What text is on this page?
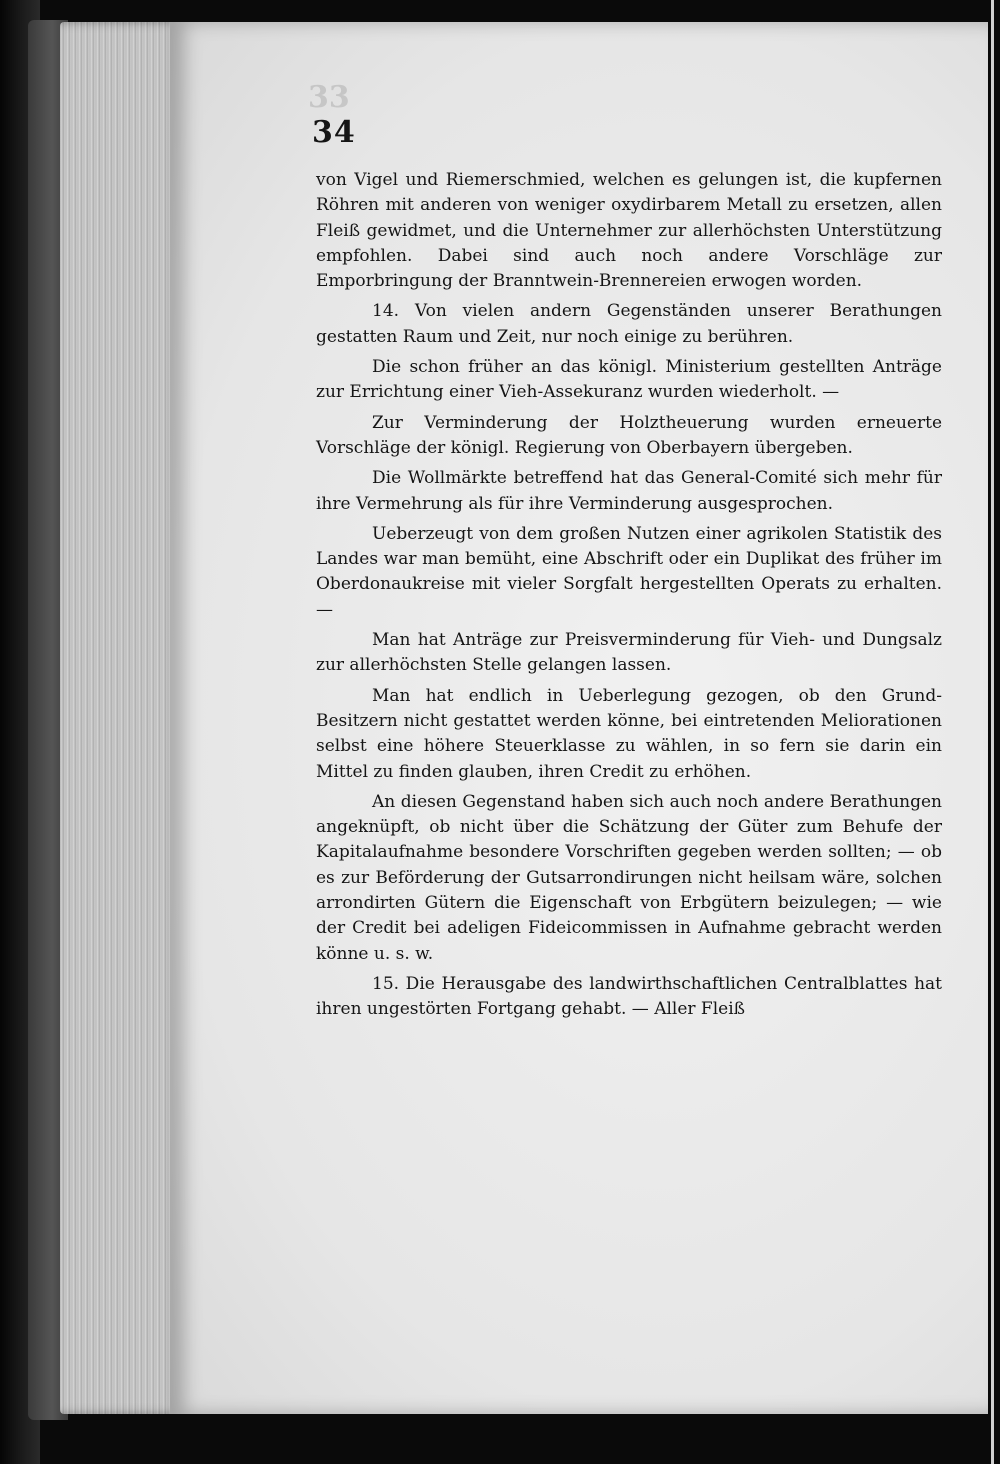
33
34

von Vigel und Riemerschmied, welchen es gelungen ist, die kupfernen Röhren mit anderen von weniger oxydirbarem Metall zu ersetzen, allen Fleiß gewidmet, und die Unternehmer zur allerhöchsten Unterstützung empfohlen. Dabei sind auch noch andere Vorschläge zur Emporbringung der Branntwein-Brennereien erwogen worden.

14. Von vielen andern Gegenständen unserer Berathungen gestatten Raum und Zeit, nur noch einige zu berühren.

Die schon früher an das königl. Ministerium gestellten Anträge zur Errichtung einer Vieh-Assekuranz wurden wiederholt. —

Zur Verminderung der Holztheuerung wurden erneuerte Vorschläge der königl. Regierung von Oberbayern übergeben.

Die Wollmärkte betreffend hat das General-Comité sich mehr für ihre Vermehrung als für ihre Verminderung ausgesprochen.

Ueberzeugt von dem großen Nutzen einer agrikolen Statistik des Landes war man bemüht, eine Abschrift oder ein Duplikat des früher im Oberdonaukreise mit vieler Sorgfalt hergestellten Operats zu erhalten. —

Man hat Anträge zur Preisverminderung für Vieh- und Dungsalz zur allerhöchsten Stelle gelangen lassen.

Man hat endlich in Ueberlegung gezogen, ob den Grund-Besitzern nicht gestattet werden könne, bei eintretenden Meliorationen selbst eine höhere Steuerklasse zu wählen, in so fern sie darin ein Mittel zu finden glauben, ihren Credit zu erhöhen.

An diesen Gegenstand haben sich auch noch andere Berathungen angeknüpft, ob nicht über die Schätzung der Güter zum Behufe der Kapitalaufnahme besondere Vorschriften gegeben werden sollten; — ob es zur Beförderung der Gutsarrondirungen nicht heilsam wäre, solchen arrondirten Gütern die Eigenschaft von Erbgütern beizulegen; — wie der Credit bei adeligen Fideicommissen in Aufnahme gebracht werden könne u. s. w.

15. Die Herausgabe des landwirthschaftlichen Centralblattes hat ihren ungestörten Fortgang gehabt. — Aller Fleiß
